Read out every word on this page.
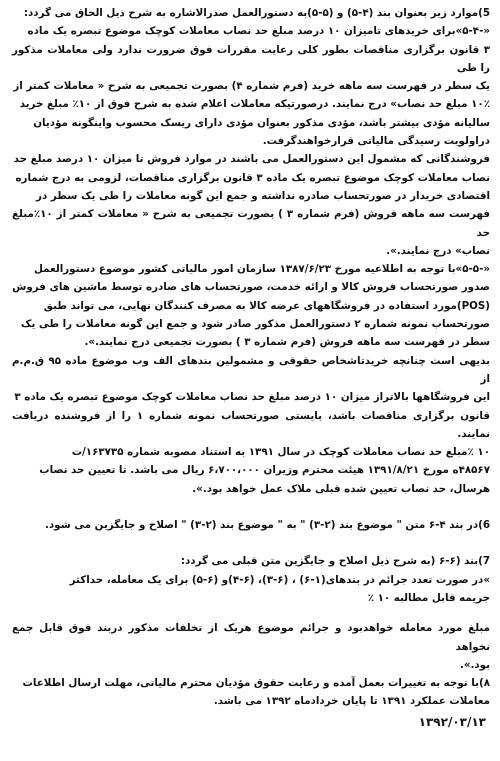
5)موارد زیر بعنوان بند (۴-۵) و (۵-۵)به دستورالعمل صدرالاشاره به شرح ذیل الحاق می گردد:
«-۵-۴»برای خریدهای تامیزان ۱۰ درصد مبلغ حد نصاب معاملات کوچک موضوع تبصره یک ماده
۳ قانون برگزاری مناقصات بطور کلی رعایت مقررات فوق ضرورت ندارد ولی معاملات مذکور را طی
یک سطر در فهرست سه ماهه خرید (فرم شماره ۴) بصورت تجمیعی به شرح « معاملات کمتر از
۱۰٪ مبلغ حد نصاب» درج نمایند. درصورتیکه معاملات اعلام شده به شرح فوق از ۱۰٪ مبلغ خرید
سالیانه مؤدی بیشتر باشد، مؤدی مذکور بعنوان مؤدی دارای ریسک محسوب واینگونه مؤدیان
دراولویت رسیدگی مالیاتی قرارخواهندگرفت.
فروشندگانی که مشمول این دستورالعمل می باشند در موارد فروش تا میزان ۱۰ درصد مبلغ حد
نصاب معاملات کوچک موضوع تبصره یک ماده ۳ قانون برگزاری مناقصات، لزومی به درج شماره
اقتصادی خریدار در صورتحساب صادره نداشته و جمع این گونه معاملات را طی یک سطر در
فهرست سه ماهه فروش (فرم شماره ۳ ) بصورت تجمیعی به شرح « معاملات کمتر از ۱۰٪مبلغ حد
نصاب» درج نمایند.».
«-۵-۵»با توجه به اطلاعیه مورخ ۱۳۸۷/۶/۲۳ سازمان امور مالیاتی کشور موضوع دستورالعمل
صدور صورتحساب فروش کالا و ارائه خدمت، صورتحساب های صادره توسط ماشین های فروش
(POS)مورد استفاده در فروشگاههای عرضه کالا به مصرف کنندگان نهایی، می تواند طبق
صورتحساب نمونه شماره ۲ دستورالعمل مذکور صادر شود و جمع این گونه معاملات را طی یک
سطر در فهرست سه ماهه فروش (فرم شماره ۳ ) بصورت تجمیعی درج نمایند.».
بدیهی است چنانچه خریدتاشخاص حقوقی و مشمولین بندهای الف وب موضوع ماده ۹۵ ق.م.م از
این فروشگاهها بالاتراز میزان ۱۰ درصد مبلغ حد نصاب معاملات کوچک موضوع تبصره یک ماده ۳
قانون برگزاری مناقصات باشد، بایستی صورتحساب نمونه شماره ۱ را از فروشنده دریافت نمایند.
۱۰ ٪مبلغ حد نصاب معاملات کوچک در سال ۱۳۹۱ به استناد مصوبه شماره ۱۶۳۷۳۵/ت
۴۸۵۶۷ه مورخ ۱۳۹۱/۸/۲۱ هیئت محترم وزیران ۶،۷۰۰،۰۰۰ ریال می باشد. تا تعیین حد نصاب
هرسال، حد نصاب تعیین شده قبلی ملاک عمل خواهد بود.».
6)در بند ۴-۶ متن " موضوع بند (۲-۳) " به " موضوع بند (۲-۳) " اصلاح و جایگزین می شود.
7)بند (۶-۶ (به شرح ذیل اصلاح و جایگزین متن قبلی می گردد:
»در صورت تعدد جرائم در بندهای(۱-۶) ، (۶-۳)، (۶-۴)و (۶-۵) برای یک معامله، حداکثر
جریمه قابل مطالبه ۱۰ ٪
مبلغ مورد معامله خواهدبود و جرائم موضوع هریک از تخلفات مذکور دربند فوق قابل جمع نخواهد
بود.».
۸)با توجه به تغییرات بعمل آمده و رعایت حقوق مؤدیان محترم مالیاتی، مهلت ارسال اطلاعات
معاملات عملکرد ۱۳۹۱ تا پایان خردادماه ۱۳۹۲ می باشد.
۱۳۹۲/۰۳/۱۳
